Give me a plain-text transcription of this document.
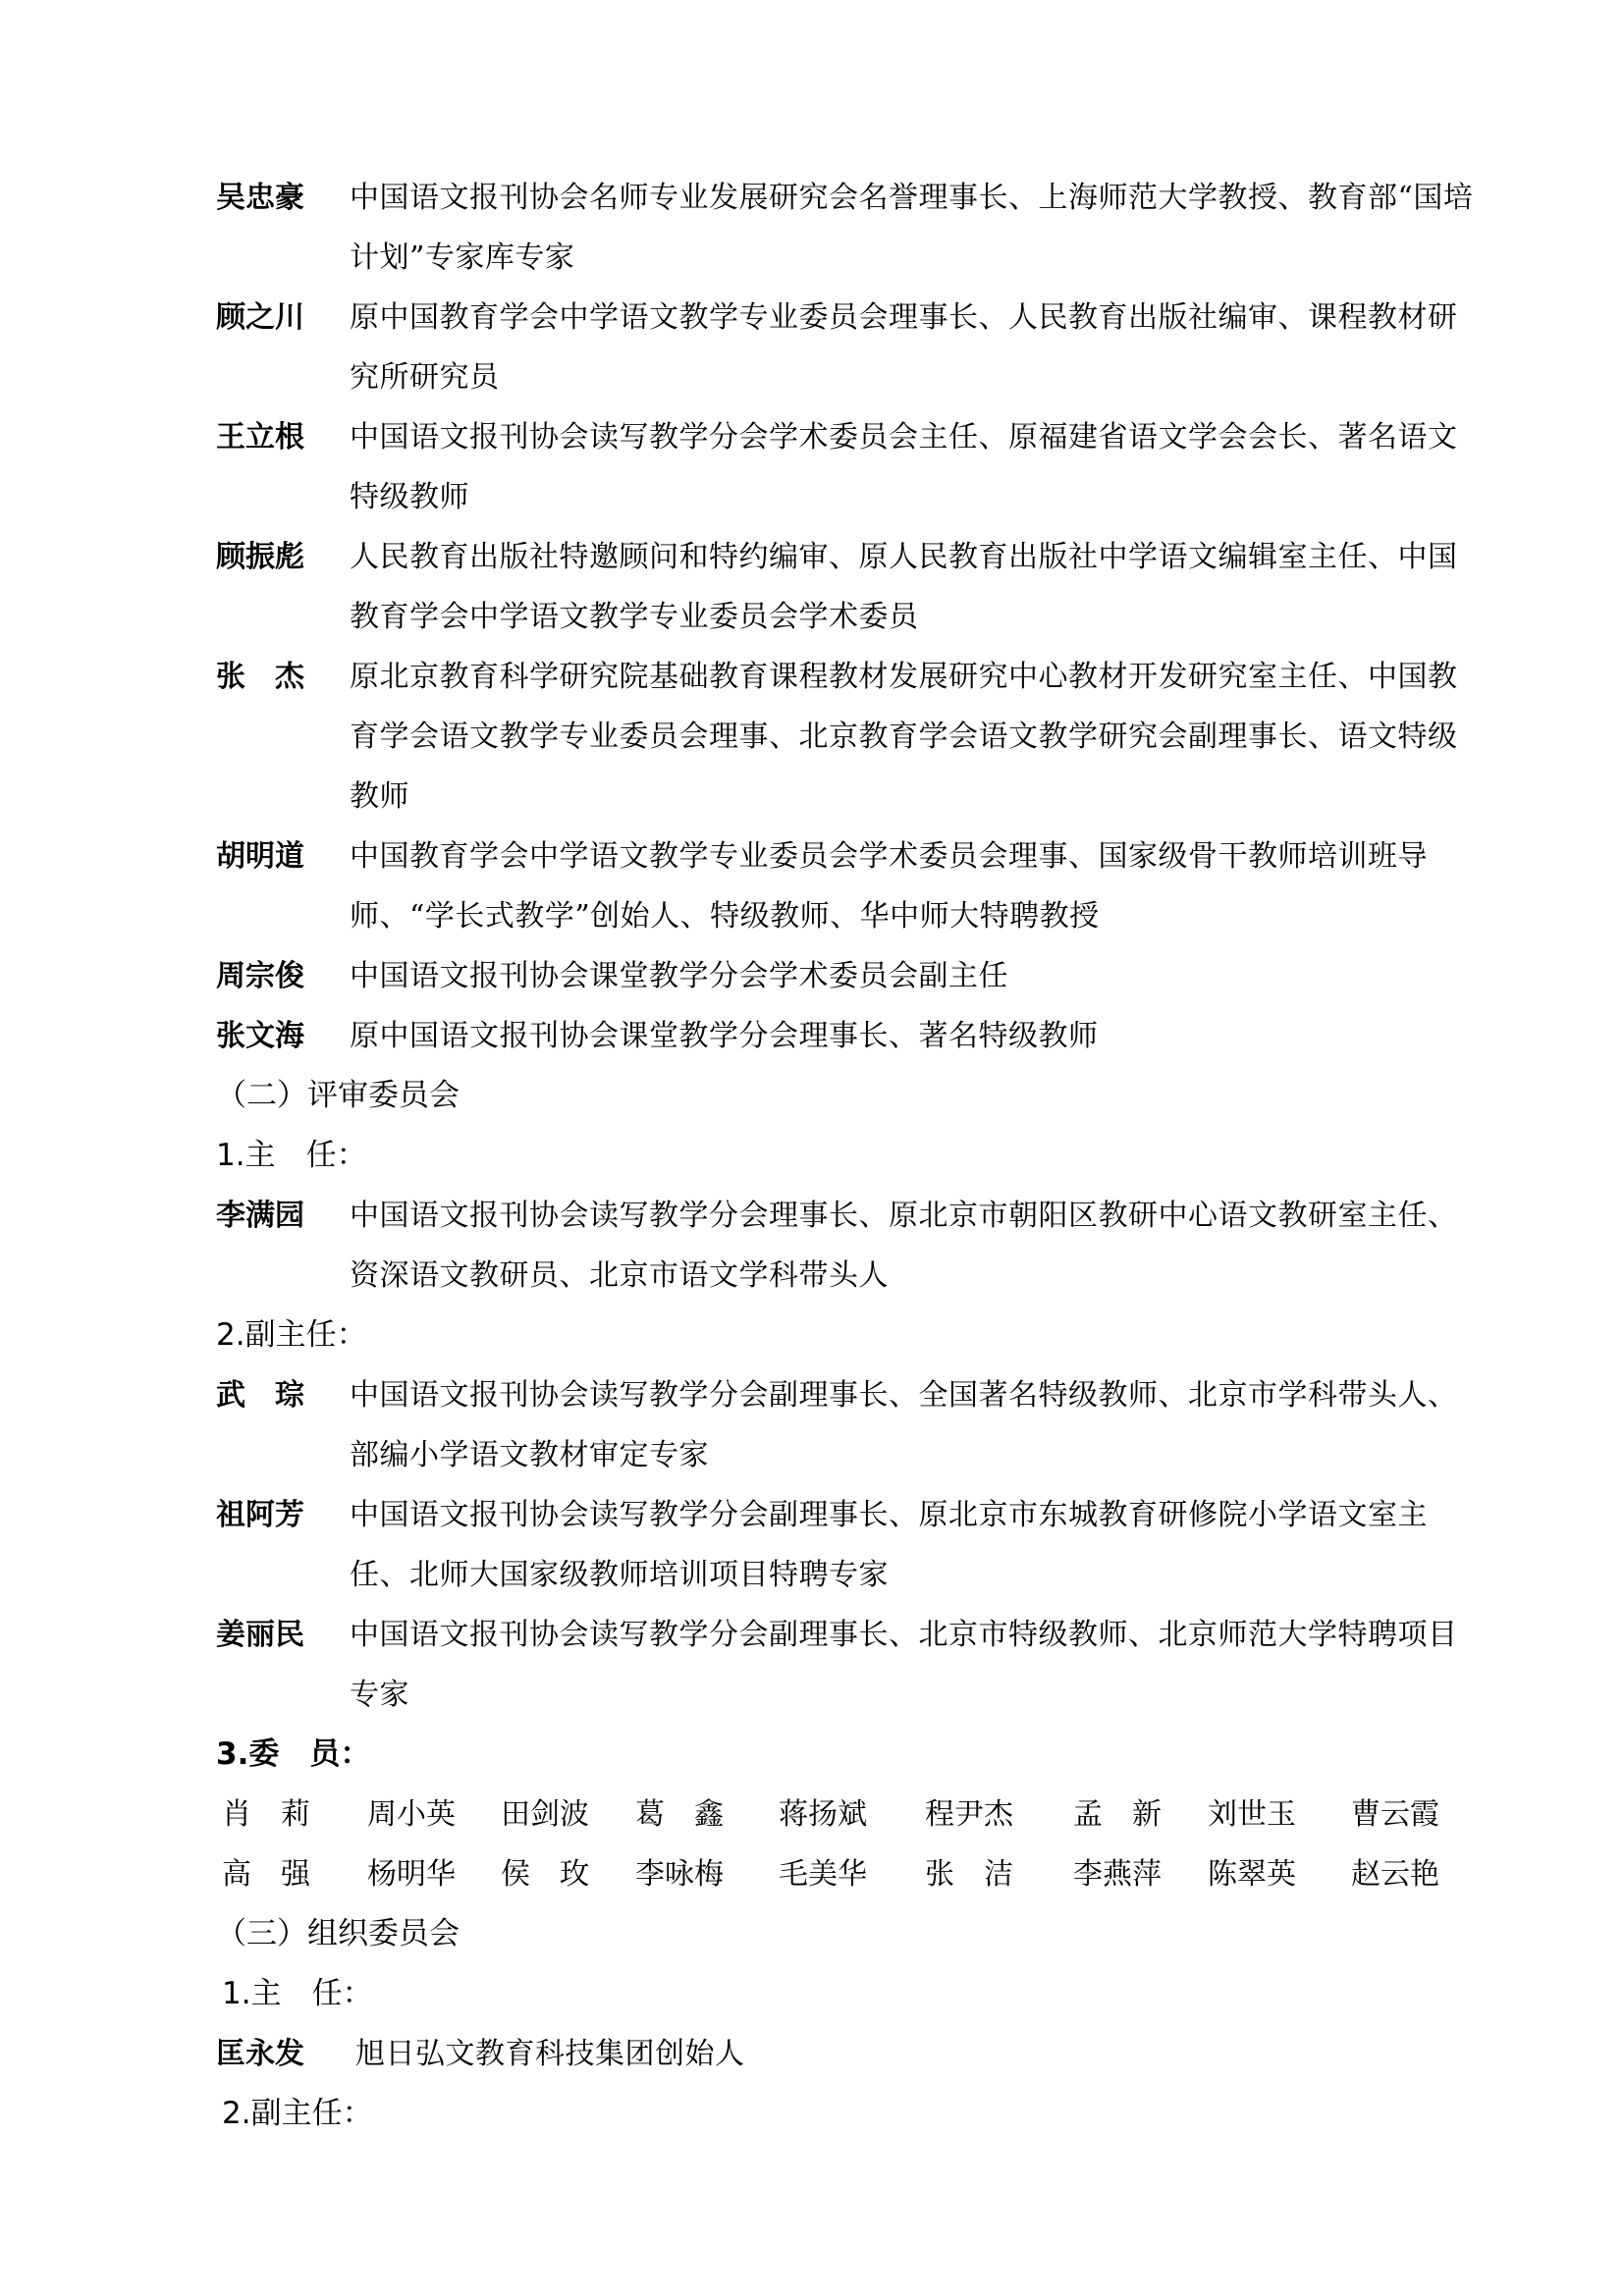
吴忠豪 中国语文报刊协会名师专业发展研究会名誉理事长、上海师范大学教授、教育部“国培计划”专家库专家
顾之川 原中国教育学会中学语文教学专业委员会理事长、人民教育出版社编审、课程教材研究所研究员
王立根 中国语文报刊协会读写教学分会学术委员会主任、原福建省语文学会会长、著名语文特级教师
顾振彪 人民教育出版社特邀顾问和特约编审、原人民教育出版社中学语文编辑室主任、中国教育学会中学语文教学专业委员会学术委员
张　杰 原北京教育科学研究院基础教育课程教材发展研究中心教材开发研究室主任、中国教育学会语文教学专业委员会理事、北京教育学会语文教学研究会副理事长、语文特级教师
胡明道 中国教育学会中学语文教学专业委员会学术委员会理事、国家级骨干教师培训班导师、“学长式教学”创始人、特级教师、华中师大特聘教授
周宗俊 中国语文报刊协会课堂教学分会学术委员会副主任
张文海 原中国语文报刊协会课堂教学分会理事长、著名特级教师
（二）评审委员会
1.主　任：
李满园 中国语文报刊协会读写教学分会理事长、原北京市朝阳区教研中心语文教研室主任、资深语文教研员、北京市语文学科带头人
2.副主任：
武　琮 中国语文报刊协会读写教学分会副理事长、全国著名特级教师、北京市学科带头人、部编小学语文教材审定专家
祖阿芳 中国语文报刊协会读写教学分会副理事长、原北京市东城教育研修院小学语文室主任、北师大国家级教师培训项目特聘专家
姜丽民 中国语文报刊协会读写教学分会副理事长、北京市特级教师、北京师范大学特聘项目专家
3.委　员：
肖　莉 周小英 田剑波 葛　鑫 蒋扬斌 程尹杰 孟　新 刘世玉 曹云霞
高　强 杨明华 侯　玫 李咏梅 毛美华 张　洁 李燕萍 陈翠英 赵云艳
（三）组织委员会
1.主　任：
匡永发 旭日弘文教育科技集团创始人
2.副主任：
